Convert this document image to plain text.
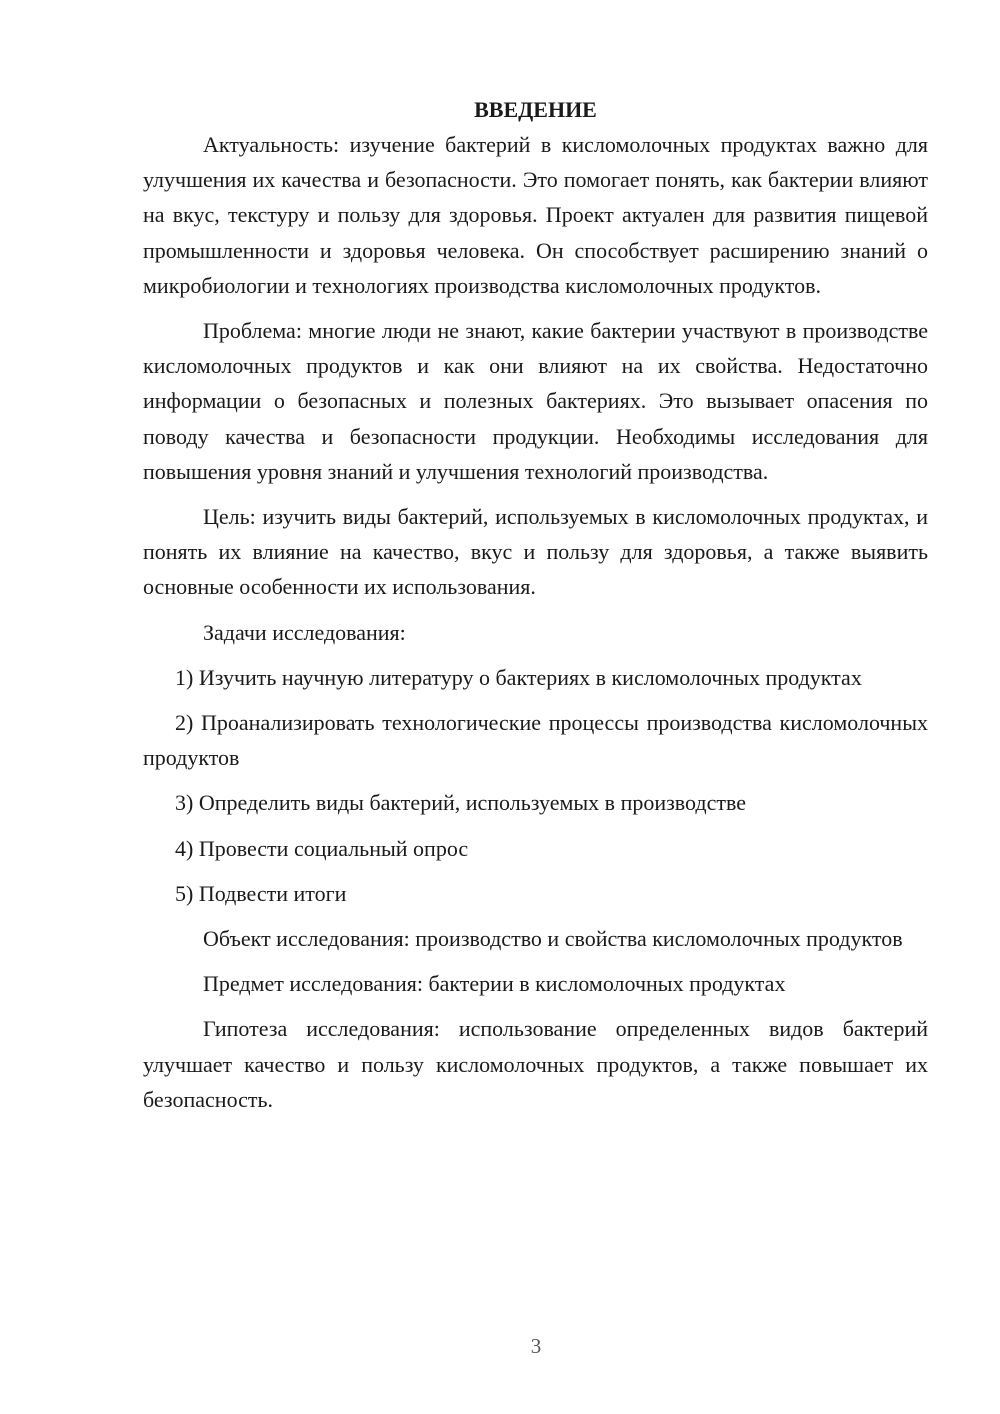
ВВЕДЕНИЕ

Актуальность: изучение бактерий в кисломолочных продуктах важно для улучшения их качества и безопасности. Это помогает понять, как бактерии влияют на вкус, текстуру и пользу для здоровья. Проект актуален для развития пищевой промышленности и здоровья человека. Он способствует расширению знаний о микробиологии и технологиях производства кисломолочных продуктов.

Проблема: многие люди не знают, какие бактерии участвуют в производстве кисломолочных продуктов и как они влияют на их свойства. Недостаточно информации о безопасных и полезных бактериях. Это вызывает опасения по поводу качества и безопасности продукции. Необходимы исследования для повышения уровня знаний и улучшения технологий производства.

Цель: изучить виды бактерий, используемых в кисломолочных продуктах, и понять их влияние на качество, вкус и пользу для здоровья, а также выявить основные особенности их использования.

Задачи исследования:

1) Изучить научную литературу о бактериях в кисломолочных продуктах

2) Проанализировать технологические процессы производства кисломолочных продуктов

3) Определить виды бактерий, используемых в производстве

4) Провести социальный опрос

5) Подвести итоги

Объект исследования: производство и свойства кисломолочных продуктов

Предмет исследования: бактерии в кисломолочных продуктах

Гипотеза исследования: использование определенных видов бактерий улучшает качество и пользу кисломолочных продуктов, а также повышает их безопасность.

3
